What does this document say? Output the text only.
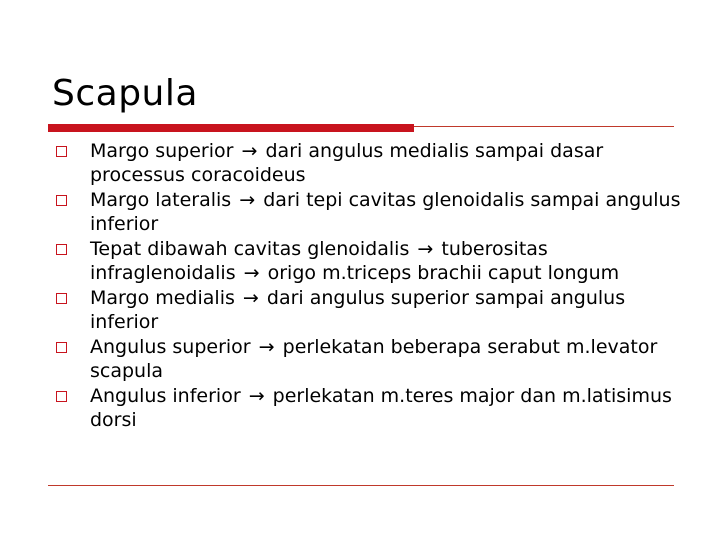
Scapula
Margo superior → dari angulus medialis sampai dasar processus coracoideus
Margo lateralis → dari tepi cavitas glenoidalis sampai angulus inferior
Tepat dibawah cavitas glenoidalis → tuberositas infraglenoidalis → origo m.triceps brachii caput longum
Margo medialis → dari angulus superior sampai angulus inferior
Angulus superior → perlekatan beberapa serabut m.levator scapula
Angulus inferior → perlekatan m.teres major dan m.latisimus dorsi
